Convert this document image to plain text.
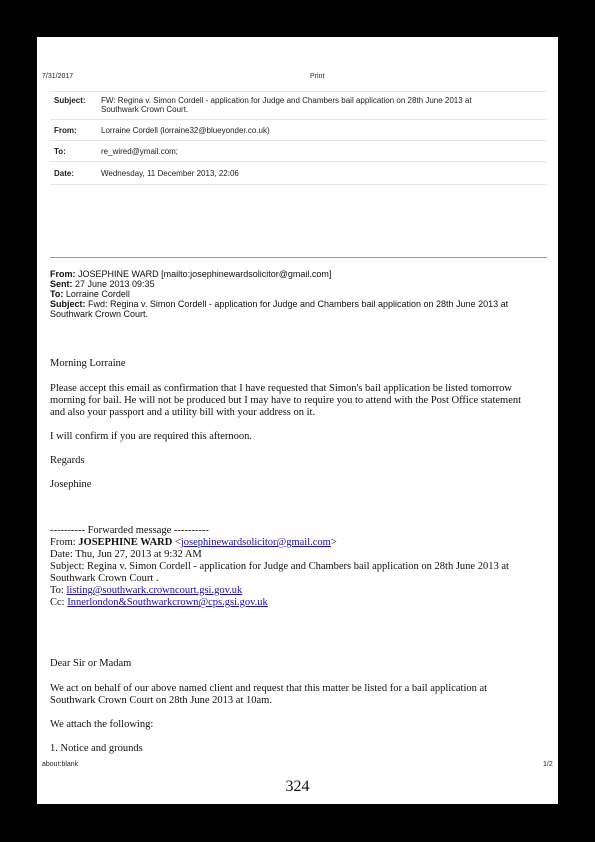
7/31/2017	Print
Subject:	FW: Regina v. Simon Cordell - application for Judge and Chambers bail application on 28th June 2013 at
Southwark Crown Court.
From:	Lorraine Cordell (lorraine32@blueyonder.co.uk)
To:	re_wired@ymail.com;
Date:	Wednesday, 11 December 2013, 22:06
From: JOSEPHINE WARD [mailto:josephinewardsolicitor@gmail.com]
Sent: 27 June 2013 09:35
To: Lorraine Cordell
Subject: Fwd: Regina v. Simon Cordell - application for Judge and Chambers bail application on 28th June 2013 at
Southwark Crown Court.
Morning Lorraine

Please accept this email as confirmation that I have requested that Simon's bail application be listed tomorrow

morning for bail. He will not be produced but I may have to require you to attend with the Post Office statement

and also your passport and a utility bill with your address on it.

I will confirm if you are required this afternoon.
Regards
Josephine

---------- Forwarded message ----------

From: JOSEPHINE WARD <josephinewardsolicitor@gmail.com>

Date: Thu, Jun 27, 2013 at 9:32 AM

Subject: Regina v. Simon Cordell - application for Judge and Chambers bail application on 28th June 2013 at

Southwark Crown Court .

To: listing@southwark.crowncourt.gsi.gov.uk

Cc: Innerlondon&Southwarkcrown@cps.gsi.gov.uk

Dear Sir or Madam

We act on behalf of our above named client and request that this matter be listed for a bail application at

Southwark Crown Court on 28th June 2013 at 10am.

We attach the following:
1. Notice and grounds
about:blank	1/2
324
